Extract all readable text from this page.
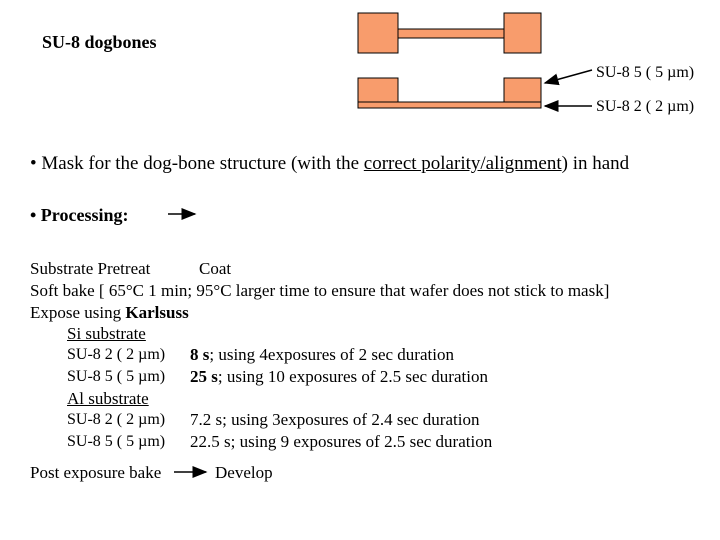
SU-8 dogbones
SU-8 5 ( 5 µm)
SU-8 2 ( 2 µm)
• Mask for the dog-bone structure (with the correct polarity/alignment) in hand
• Processing:
Substrate Pretreat	Coat
Soft bake [ 65°C 1 min; 95°C larger time to ensure that wafer does not stick to mask]
Expose using Karlsuss
Si substrate
SU-8 2 ( 2 µm) 8 s; using 4exposures of 2 sec duration
SU-8 5 ( 5 µm) 25 s; using 10 exposures of 2.5 sec duration
Al substrate
SU-8 2 ( 2 µm) 7.2 s; using 3exposures of 2.4 sec duration
SU-8 5 ( 5 µm) 22.5 s; using 9 exposures of 2.5 sec duration
Post exposure bake	Develop
